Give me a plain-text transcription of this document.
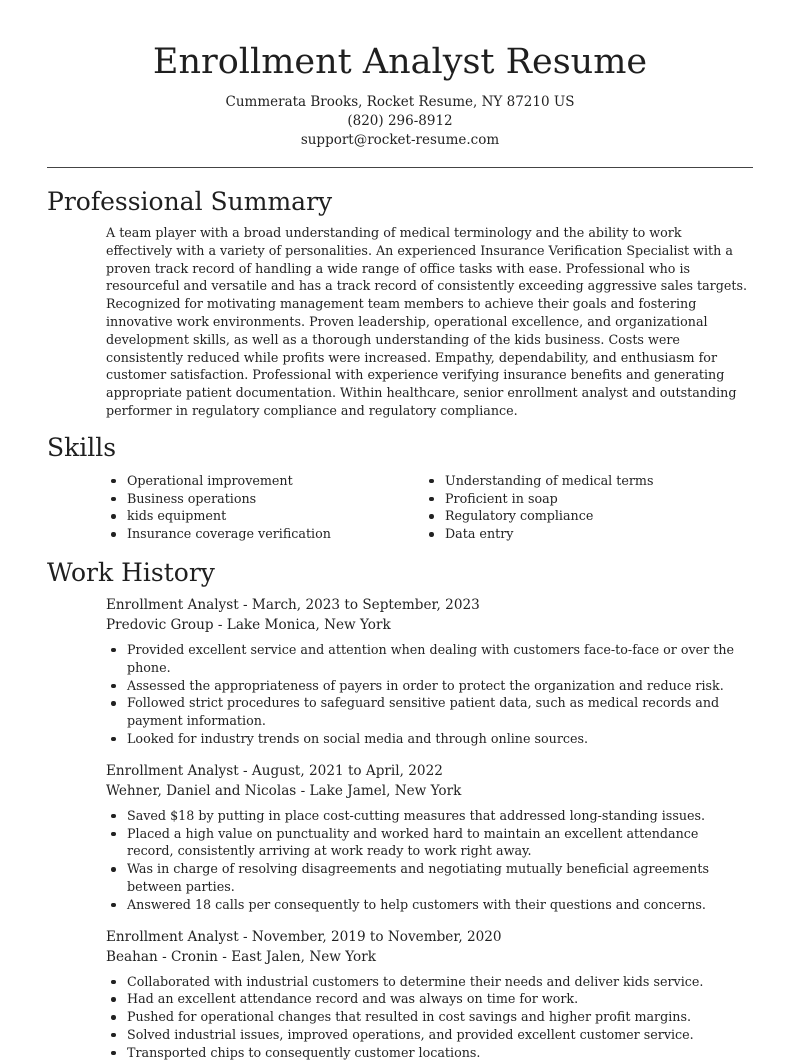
Enrollment Analyst Resume
Cummerata Brooks, Rocket Resume, NY 87210 US
(820) 296-8912
support@rocket-resume.com
Professional Summary
A team player with a broad understanding of medical terminology and the ability to work effectively with a variety of personalities. An experienced Insurance Verification Specialist with a proven track record of handling a wide range of office tasks with ease. Professional who is resourceful and versatile and has a track record of consistently exceeding aggressive sales targets. Recognized for motivating management team members to achieve their goals and fostering innovative work environments. Proven leadership, operational excellence, and organizational development skills, as well as a thorough understanding of the kids business. Costs were consistently reduced while profits were increased. Empathy, dependability, and enthusiasm for customer satisfaction. Professional with experience verifying insurance benefits and generating appropriate patient documentation. Within healthcare, senior enrollment analyst and outstanding performer in regulatory compliance and regulatory compliance.
Skills
Operational improvement
Business operations
kids equipment
Insurance coverage verification
Understanding of medical terms
Proficient in soap
Regulatory compliance
Data entry
Work History
Enrollment Analyst - March, 2023 to September, 2023
Predovic Group - Lake Monica, New York
Provided excellent service and attention when dealing with customers face-to-face or over the phone.
Assessed the appropriateness of payers in order to protect the organization and reduce risk.
Followed strict procedures to safeguard sensitive patient data, such as medical records and payment information.
Looked for industry trends on social media and through online sources.
Enrollment Analyst - August, 2021 to April, 2022
Wehner, Daniel and Nicolas - Lake Jamel, New York
Saved $18 by putting in place cost-cutting measures that addressed long-standing issues.
Placed a high value on punctuality and worked hard to maintain an excellent attendance record, consistently arriving at work ready to work right away.
Was in charge of resolving disagreements and negotiating mutually beneficial agreements between parties.
Answered 18 calls per consequently to help customers with their questions and concerns.
Enrollment Analyst - November, 2019 to November, 2020
Beahan - Cronin - East Jalen, New York
Collaborated with industrial customers to determine their needs and deliver kids service.
Had an excellent attendance record and was always on time for work.
Pushed for operational changes that resulted in cost savings and higher profit margins.
Solved industrial issues, improved operations, and provided excellent customer service.
Transported chips to consequently customer locations.
